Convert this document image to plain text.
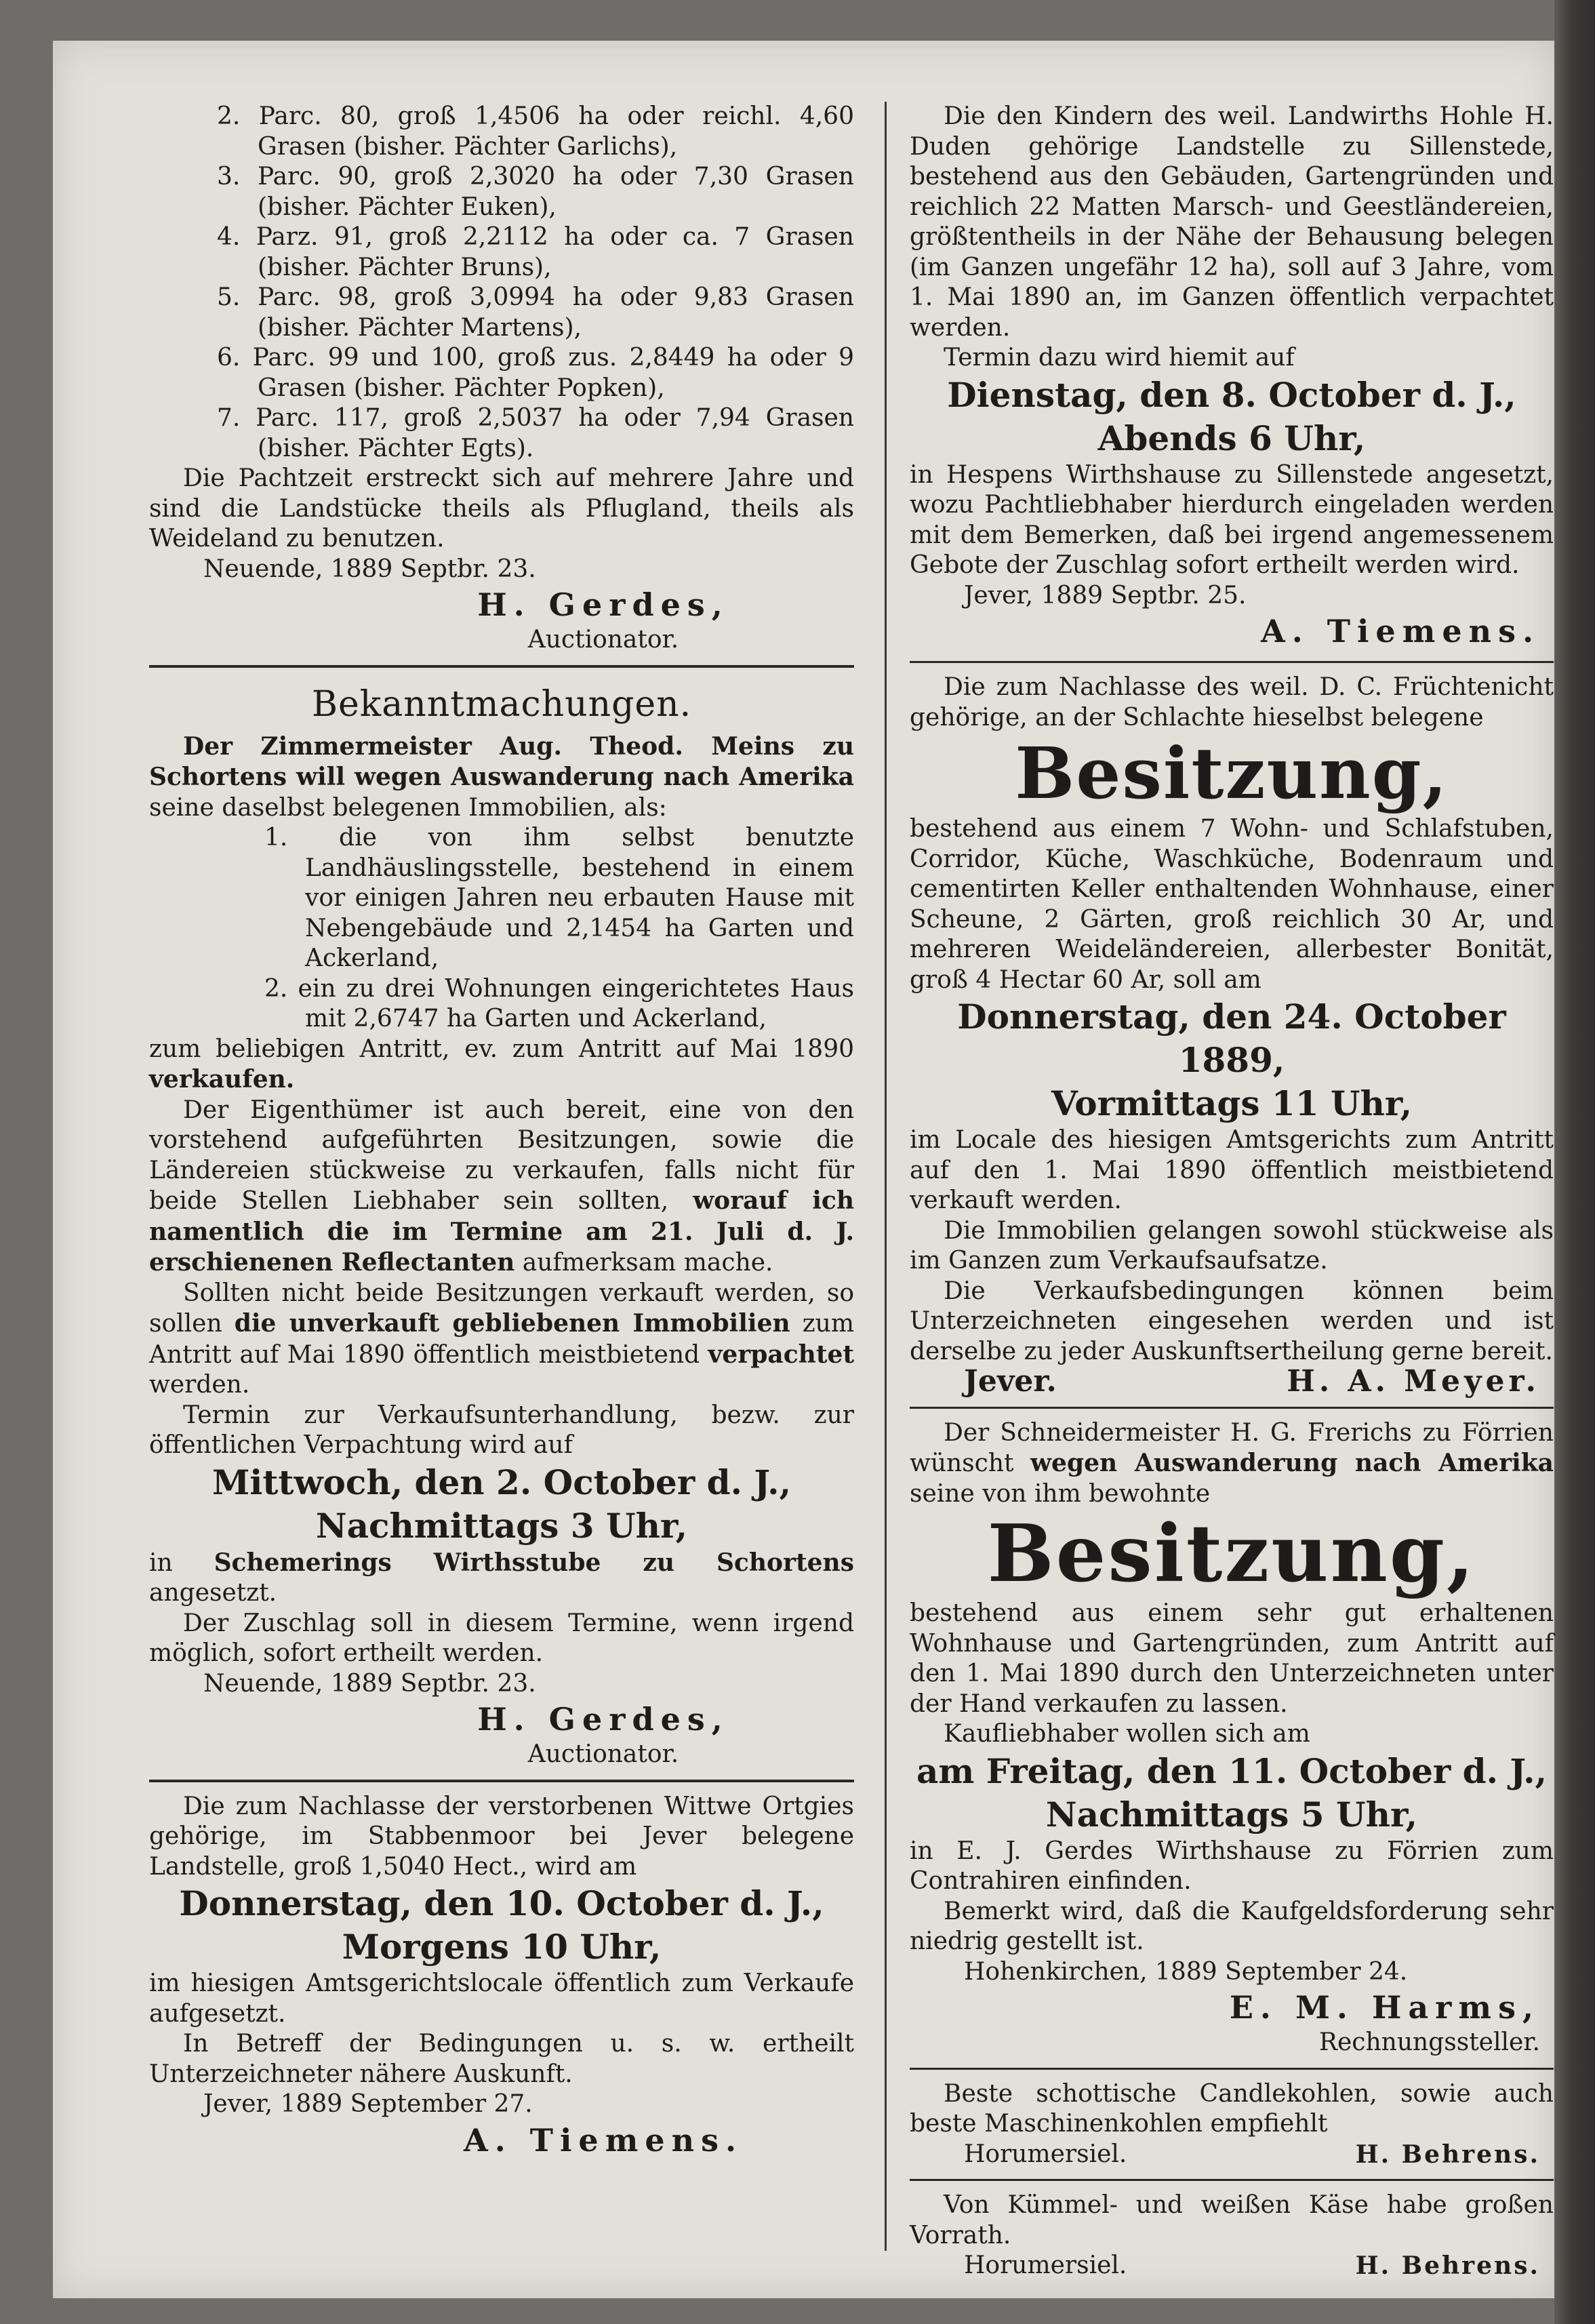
2. Parc. 80, groß 1,4506 ha oder reichl. 4,60 Grasen (bisher. Pächter Garlichs),

3. Parc. 90, groß 2,3020 ha oder 7,30 Grasen (bisher. Pächter Euken),

4. Parz. 91, groß 2,2112 ha oder ca. 7 Grasen (bisher. Pächter Bruns),

5. Parc. 98, groß 3,0994 ha oder 9,83 Grasen (bisher. Pächter Martens),

6. Parc. 99 und 100, groß zus. 2,8449 ha oder 9 Grasen (bisher. Pächter Popken),

7. Parc. 117, groß 2,5037 ha oder 7,94 Grasen (bisher. Pächter Egts).

Die Pachtzeit erstreckt sich auf mehrere Jahre und sind die Landstücke theils als Pflugland, theils als Weideland zu benutzen.

Neuende, 1889 Septbr. 23.

H. Gerdes,

Auctionator.

Bekanntmachungen.

Der Zimmermeister Aug. Theod. Meins zu Schortens will wegen Auswanderung nach Amerika seine daselbst belegenen Immobilien, als:

1. die von ihm selbst benutzte Landhäuslingsstelle, bestehend in einem vor einigen Jahren neu erbauten Hause mit Nebengebäude und 2,1454 ha Garten und Ackerland,

2. ein zu drei Wohnungen eingerichtetes Haus mit 2,6747 ha Garten und Ackerland,

zum beliebigen Antritt, ev. zum Antritt auf Mai 1890 verkaufen.

Der Eigenthümer ist auch bereit, eine von den vorstehend aufgeführten Besitzungen, sowie die Ländereien stückweise zu verkaufen, falls nicht für beide Stellen Liebhaber sein sollten, worauf ich namentlich die im Termine am 21. Juli d. J. erschienenen Reflectanten aufmerksam mache.

Sollten nicht beide Besitzungen verkauft werden, so sollen die unverkauft gebliebenen Immobilien zum Antritt auf Mai 1890 öffentlich meistbietend verpachtet werden.

Termin zur Verkaufsunterhandlung, bezw. zur öffentlichen Verpachtung wird auf

Mittwoch, den 2. October d. J.,

Nachmittags 3 Uhr,

in Schemerings Wirthsstube zu Schortens angesetzt.

Der Zuschlag soll in diesem Termine, wenn irgend möglich, sofort ertheilt werden.

Neuende, 1889 Septbr. 23.

H. Gerdes,

Auctionator.

Die zum Nachlasse der verstorbenen Wittwe Ortgies gehörige, im Stabbenmoor bei Jever belegene Landstelle, groß 1,5040 Hect., wird am

Donnerstag, den 10. October d. J.,

Morgens 10 Uhr,

im hiesigen Amtsgerichtslocale öffentlich zum Verkaufe aufgesetzt.

In Betreff der Bedingungen u. s. w. ertheilt Unterzeichneter nähere Auskunft.

Jever, 1889 September 27.

A. Tiemens.

Die den Kindern des weil. Landwirths Hohle H. Duden gehörige Landstelle zu Sillenstede, bestehend aus den Gebäuden, Gartengründen und reichlich 22 Matten Marsch- und Geestländereien, größtentheils in der Nähe der Behausung belegen (im Ganzen ungefähr 12 ha), soll auf 3 Jahre, vom 1. Mai 1890 an, im Ganzen öffentlich verpachtet werden.

Termin dazu wird hiemit auf

Dienstag, den 8. October d. J.,

Abends 6 Uhr,

in Hespens Wirthshause zu Sillenstede angesetzt, wozu Pachtliebhaber hierdurch eingeladen werden mit dem Bemerken, daß bei irgend angemessenem Gebote der Zuschlag sofort ertheilt werden wird.

Jever, 1889 Septbr. 25.

A. Tiemens.

Die zum Nachlasse des weil. D. C. Früchtenicht gehörige, an der Schlachte hieselbst belegene

Besitzung,

bestehend aus einem 7 Wohn- und Schlafstuben, Corridor, Küche, Waschküche, Bodenraum und cementirten Keller enthaltenden Wohnhause, einer Scheune, 2 Gärten, groß reichlich 30 Ar, und mehreren Weideländereien, allerbester Bonität, groß 4 Hectar 60 Ar, soll am

Donnerstag, den 24. October 1889,

Vormittags 11 Uhr,

im Locale des hiesigen Amtsgerichts zum Antritt auf den 1. Mai 1890 öffentlich meistbietend verkauft werden.

Die Immobilien gelangen sowohl stückweise als im Ganzen zum Verkaufsaufsatze.

Die Verkaufsbedingungen können beim Unterzeichneten eingesehen werden und ist derselbe zu jeder Auskunftsertheilung gerne bereit.

Jever.	H. A. Meyer.

Der Schneidermeister H. G. Frerichs zu Förrien wünscht wegen Auswanderung nach Amerika seine von ihm bewohnte

Besitzung,

bestehend aus einem sehr gut erhaltenen Wohnhause und Gartengründen, zum Antritt auf den 1. Mai 1890 durch den Unterzeichneten unter der Hand verkaufen zu lassen.

Kaufliebhaber wollen sich am

am Freitag, den 11. October d. J.,

Nachmittags 5 Uhr,

in E. J. Gerdes Wirthshause zu Förrien zum Contrahiren einfinden.

Bemerkt wird, daß die Kaufgeldsforderung sehr niedrig gestellt ist.

Hohenkirchen, 1889 September 24.

E. M. Harms,

Rechnungssteller.

Beste schottische Candlekohlen, sowie auch beste Maschinenkohlen empfiehlt

Horumersiel.	H. Behrens.

Von Kümmel- und weißen Käse habe großen Vorrath.

Horumersiel.	H. Behrens.
